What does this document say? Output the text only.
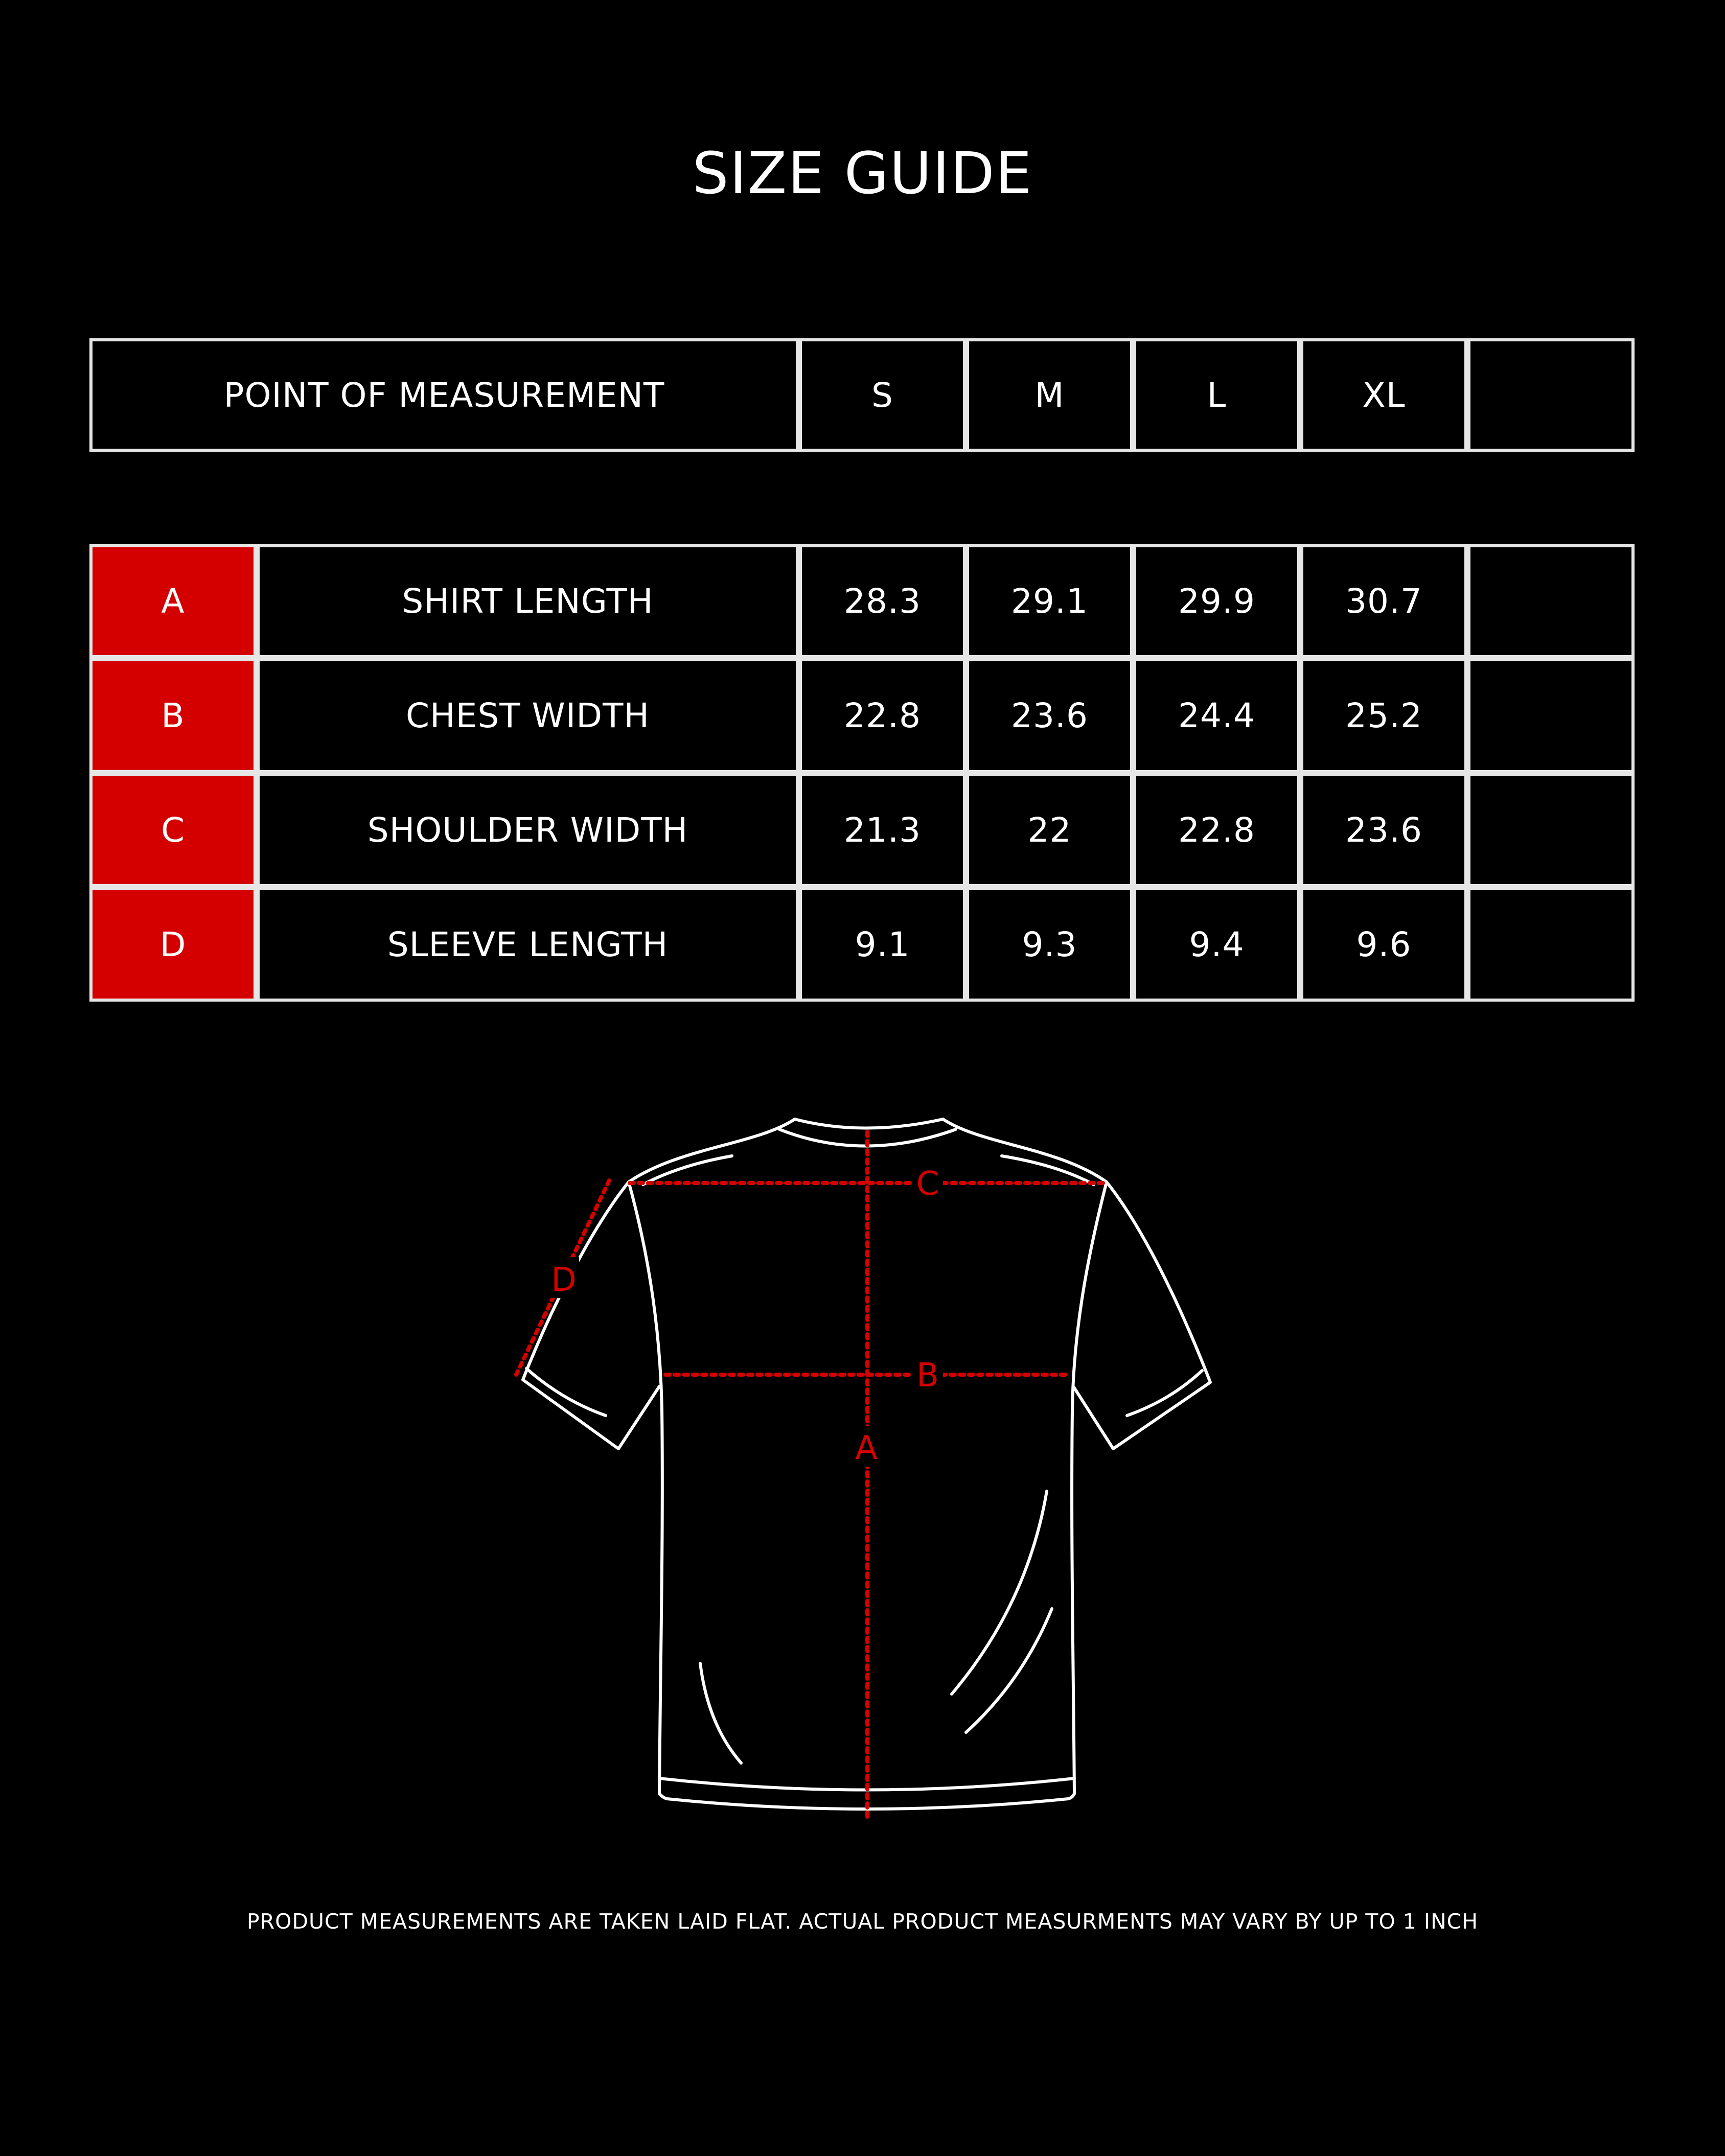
SIZE GUIDE
POINT OF MEASUREMENT	S	M	L	XL
A	SHIRT LENGTH	28.3	29.1	29.9	30.7
B	CHEST WIDTH	22.8	23.6	24.4	25.2
C	SHOULDER WIDTH	21.3	22	22.8	23.6
D	SLEEVE LENGTH	9.1	9.3	9.4	9.6
A
B
C
D
PRODUCT MEASUREMENTS ARE TAKEN LAID FLAT. ACTUAL PRODUCT MEASURMENTS MAY VARY BY UP TO 1 INCH
